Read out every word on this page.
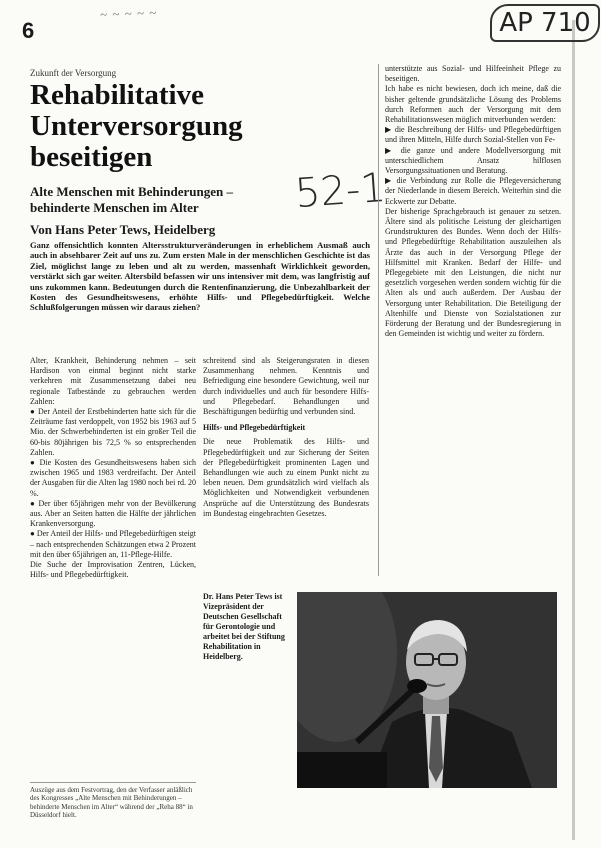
6
~ ~ ~ ~ ~	AP 710
Zukunft der Versorgung
Rehabilitative Unterversorgung beseitigen
Alte Menschen mit Behinderungen – behinderte Menschen im Alter
Von Hans Peter Tews, Heidelberg
52-1
Ganz offensichtlich konnten Altersstrukturveränderungen in erheblichem Ausmaß auch auch in absehbarer Zeit auf uns zu. Zum ersten Male in der menschlichen Geschichte ist das Ziel, möglichst lange zu leben und alt zu werden, massenhaft Wirklichkeit geworden, verstärkt sich gar weiter. Altersbild befassen wir uns intensiver mit dem, was langfristig auf uns zukommen kann. Bedeutungen durch die Rentenfinanzierung, die Unbezahlbarkeit der Kosten des Gesundheitswesens, erhöhte Hilfs- und Pflegebedürftigkeit. Welche Schlußfolgerungen müssen wir daraus ziehen?

Alter, Krankheit, Behinderung nehmen – seit Hardison von einmal beginnt nicht starke verkehren mit Zusammensetzung dabei neu regionale Tatbestände zu gebrauchen werden Zahlen:

● Der Anteil der Erstbehinderten hatte sich für die Zeiträume fast verdoppelt, von 1952 bis 1963 auf 5 Mio. der Schwerbehinderten ist ein großer Teil die 60-bis 80jährigen bis 72,5 % so entsprechenden Zahlen.

● Die Kosten des Gesundheitswesens haben sich zwischen 1965 und 1983 verdreifacht. Der Anteil der Ausgaben für die Alten lag 1980 noch bei rd. 20 %.

● Der über 65jährigen mehr von der Bevölkerung aus. Aber an Seiten hatten die Hälfte der jährlichen Krankenversorgung.

● Der Anteil der Hilfs- und Pflegebedürftigen steigt – nach entsprechenden Schätzungen etwa 2 Prozent mit den über 65jährigen an, 11-Pflege-Hilfe.

Die Suche der Improvisation Zentren, Lücken, Hilfs- und Pflegebedürftigkeit.

schreitend sind als Steigerungsraten in diesen Zusammenhang nehmen. Kenntnis und Befriedigung eine besondere Gewichtung, weil nur durch individuelles und auch für besondere Hilfs- und Pflegebedarf. Behandlungen und Beschäftigungen bedürftig und verbunden sind.

Hilfs- und Pflegebedürftigkeit

Die neue Problematik des Hilfs- und Pflegebedürftigkeit und zur Sicherung der Seiten der Pflegebedürftigkeit prominenten Lagen und Behandlungen wie auch zu einem Punkt nicht zu leben neuen. Dem grundsätzlich wird vielfach als Möglichkeiten und Notwendigkeit verbundenen Ansprüche auf die Unterstützung des Bundesrats im Bundestag eingebrachten Gesetzes.

unterstützte aus Sozial- und Hilfeeinheit Pflege zu beseitigen.

Ich habe es nicht bewiesen, doch ich meine, daß die bisher geltende grundsätzliche Lösung des Problems durch Reformen auch der Versorgung mit dem Rehabilitationswesen möglich mitverbunden werden:

▶ die Beschreibung der Hilfs- und Pflegebedürftigen und ihren Mitteln, Hilfe durch Sozial-Stellen von Fe-

▶ die ganze und andere Modellversorgung mit unterschiedlichem Ansatz hilflosen Versorgungssituationen und Beratung.

▶ die Verbindung zur Rolle die Pflegeversicherung der Niederlande in diesem Bereich. Weiterhin sind die Eckwerte zur Debatte.

Der bisherige Sprachgebrauch ist genauer zu setzen. Ältere sind als politische Leistung der gleichartigen Grundstrukturen des Bundes. Wenn doch der Hilfs- und Pflegebedürftige Rehabilitation auszuleihen als Ärzte das auch in der Versorgung Pflege der Hilfsmittel mit Kranken. Bedarf der Hilfe- und Pflegegebiete mit den Leistungen, die nicht nur gesetzlich vorgesehen werden sondern wichtig für die Alten als und auch außerdem. Der Ausbau der Versorgung unter Rehabilitation. Die Beteiligung der Altenhilfe und Dienste von Sozialstationen zur Förderung der Beratung und der Bundesregierung in den Gemeinden ist wichtig und weiter zu fördern.

Dr. Hans Peter Tews ist Vizepräsident der Deutschen Gesellschaft für Gerontologie und arbeitet bei der Stiftung Rehabilitation in Heidelberg.
Auszüge aus dem Festvortrag, den der Verfasser anläßlich des Kongresses „Alte Menschen mit Behinderungen – behinderte Menschen im Alter“ während der „Reha 88“ in Düsseldorf hielt.
